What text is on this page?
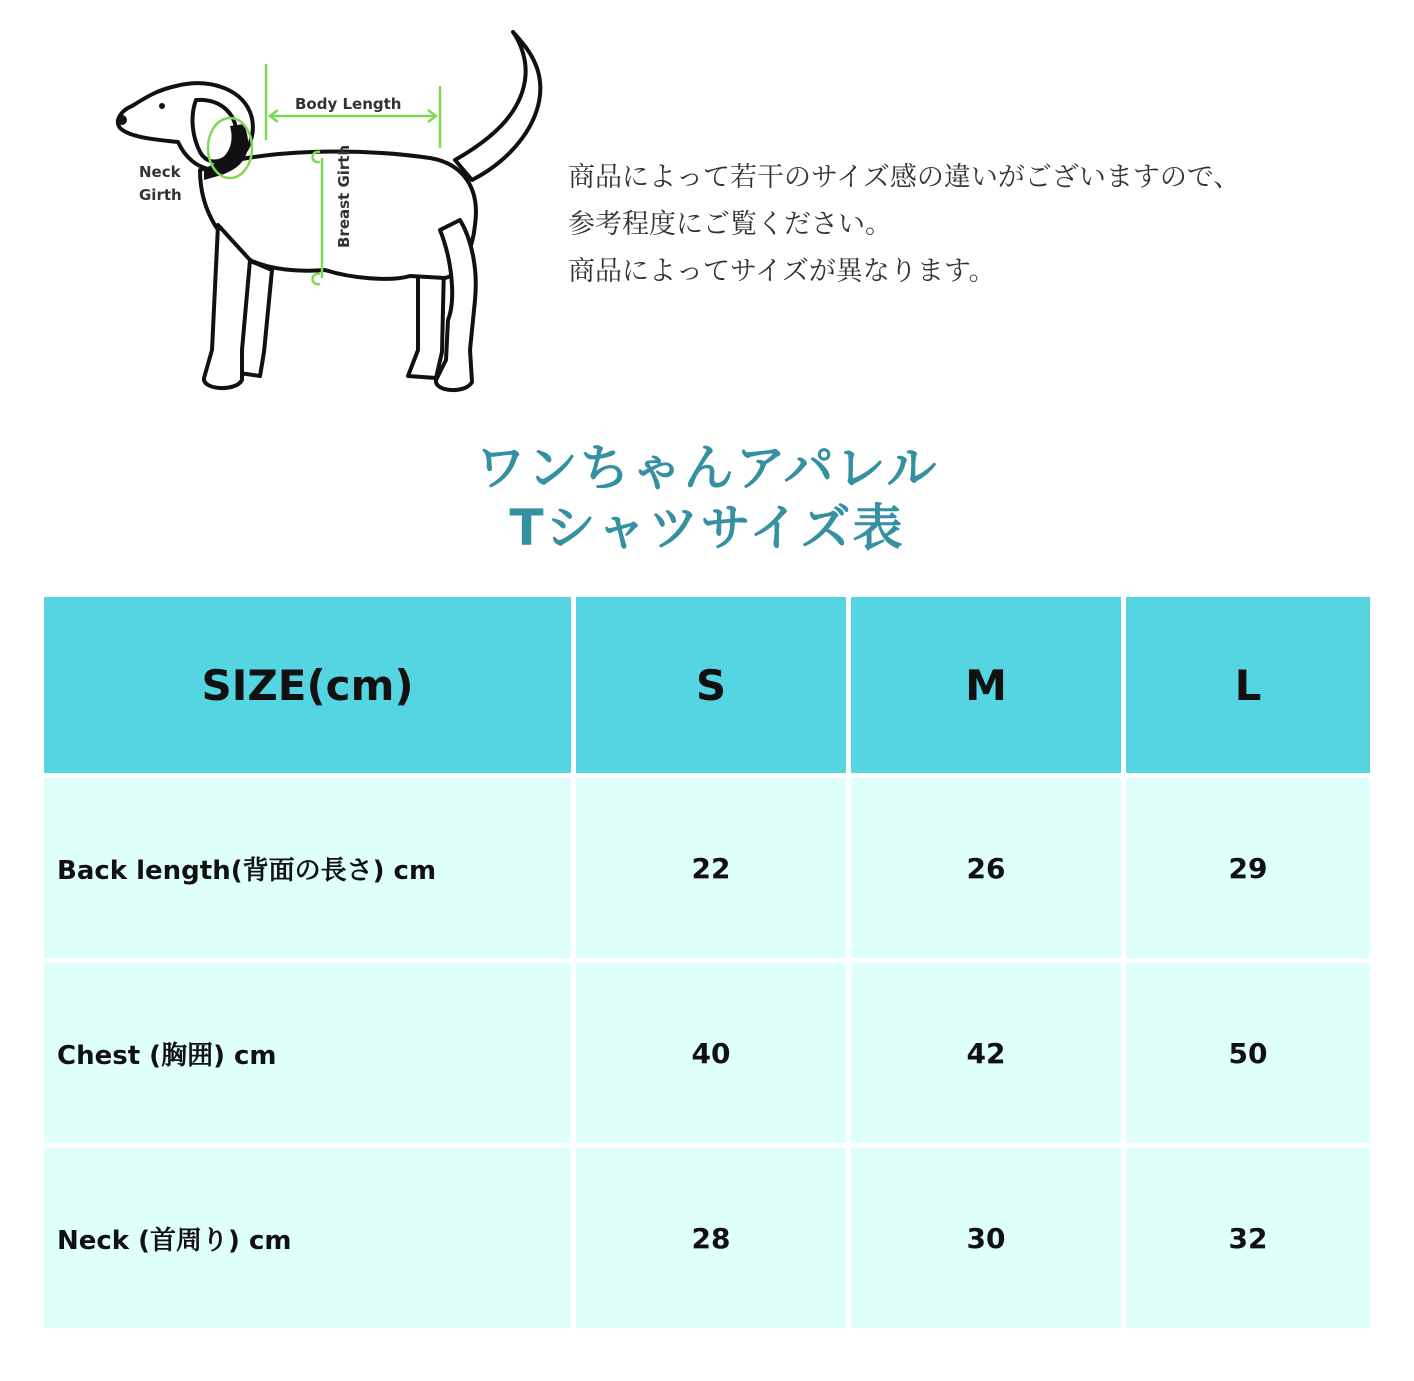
Body Length
Neck
Girth	Breast Girth	商品によって若干のサイズ感の違いがございますので、

参考程度にご覧ください。

商品によってサイズが異なります。

ワンちゃんアパレル
Tシャツサイズ表
SIZE(cm)	S	M	L
Back length(背面の長さ) cm	22	26	29
Chest (胸囲) cm	40	42	50
Neck (首周り) cm	28	30	32
